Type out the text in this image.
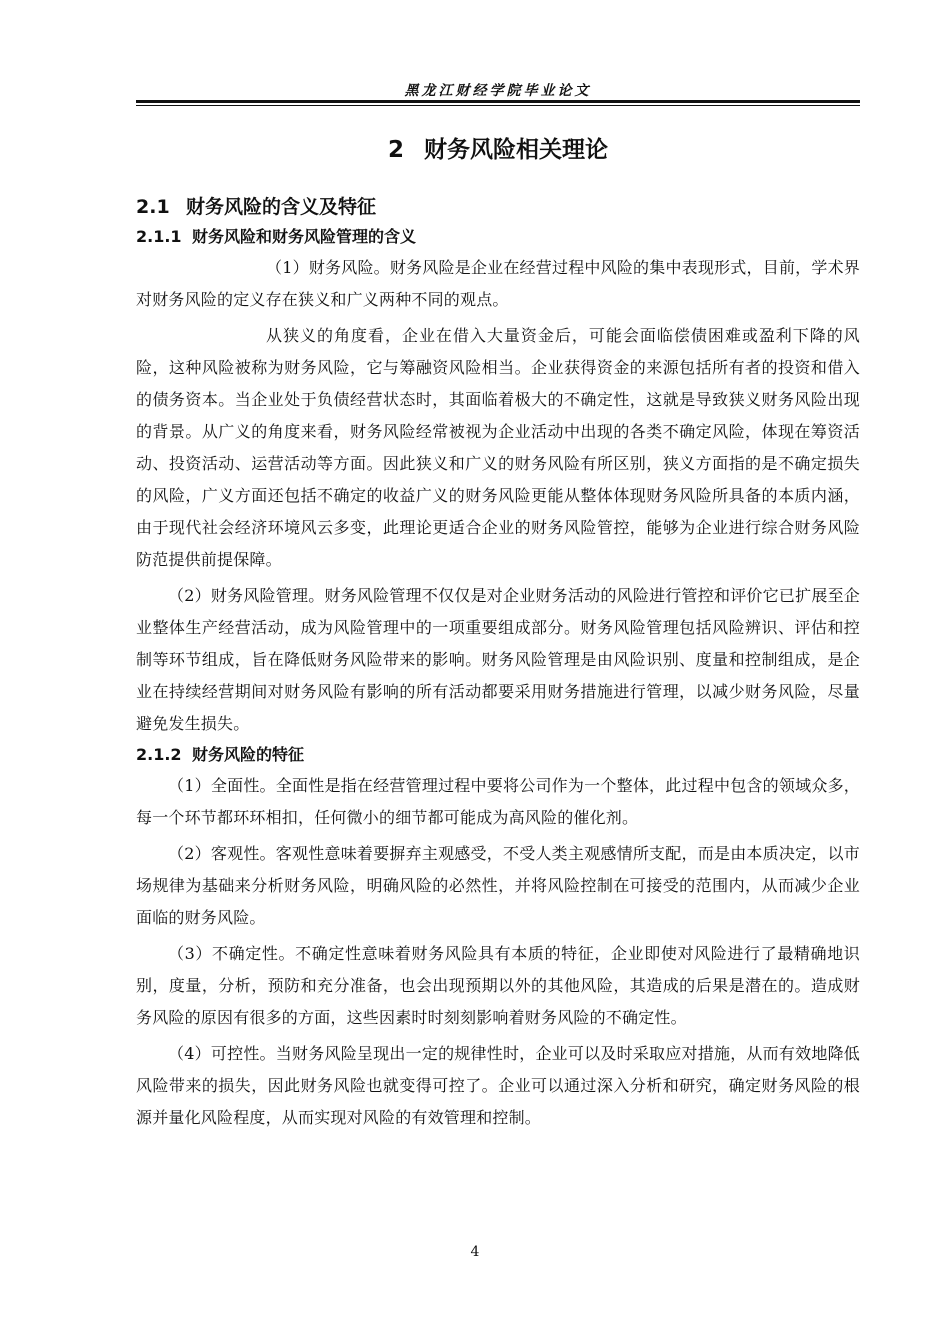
黑龙江财经学院毕业论文
2 财务风险相关理论
2.1 财务风险的含义及特征
2.1.1 财务风险和财务风险管理的含义

（1）财务风险。财务风险是企业在经营过程中风险的集中表现形式，目前，学术界对财务风险的定义存在狭义和广义两种不同的观点。

从狭义的角度看，企业在借入大量资金后，可能会面临偿债困难或盈利下降的风险，这种风险被称为财务风险，它与筹融资风险相当。企业获得资金的来源包括所有者的投资和借入的债务资本。当企业处于负债经营状态时，其面临着极大的不确定性，这就是导致狭义财务风险出现的背景。从广义的角度来看，财务风险经常被视为企业活动中出现的各类不确定风险，体现在筹资活动、投资活动、运营活动等方面。因此狭义和广义的财务风险有所区别，狭义方面指的是不确定损失的风险，广义方面还包括不确定的收益广义的财务风险更能从整体体现财务风险所具备的本质内涵，由于现代社会经济环境风云多变，此理论更适合企业的财务风险管控，能够为企业进行综合财务风险防范提供前提保障。

（2）财务风险管理。财务风险管理不仅仅是对企业财务活动的风险进行管控和评价它已扩展至企业整体生产经营活动，成为风险管理中的一项重要组成部分。财务风险管理包括风险辨识、评估和控制等环节组成，旨在降低财务风险带来的影响。财务风险管理是由风险识别、度量和控制组成，是企业在持续经营期间对财务风险有影响的所有活动都要采用财务措施进行管理，以减少财务风险，尽量避免发生损失。

2.1.2 财务风险的特征

（1）全面性。全面性是指在经营管理过程中要将公司作为一个整体，此过程中包含的领域众多，每一个环节都环环相扣，任何微小的细节都可能成为高风险的催化剂。

（2）客观性。客观性意味着要摒弃主观感受，不受人类主观感情所支配，而是由本质决定，以市场规律为基础来分析财务风险，明确风险的必然性，并将风险控制在可接受的范围内，从而减少企业面临的财务风险。

（3）不确定性。不确定性意味着财务风险具有本质的特征，企业即使对风险进行了最精确地识别，度量，分析，预防和充分准备，也会出现预期以外的其他风险，其造成的后果是潜在的。造成财务风险的原因有很多的方面，这些因素时时刻刻影响着财务风险的不确定性。

（4）可控性。当财务风险呈现出一定的规律性时，企业可以及时采取应对措施，从而有效地降低风险带来的损失，因此财务风险也就变得可控了。企业可以通过深入分析和研究，确定财务风险的根源并量化风险程度，从而实现对风险的有效管理和控制。

4
